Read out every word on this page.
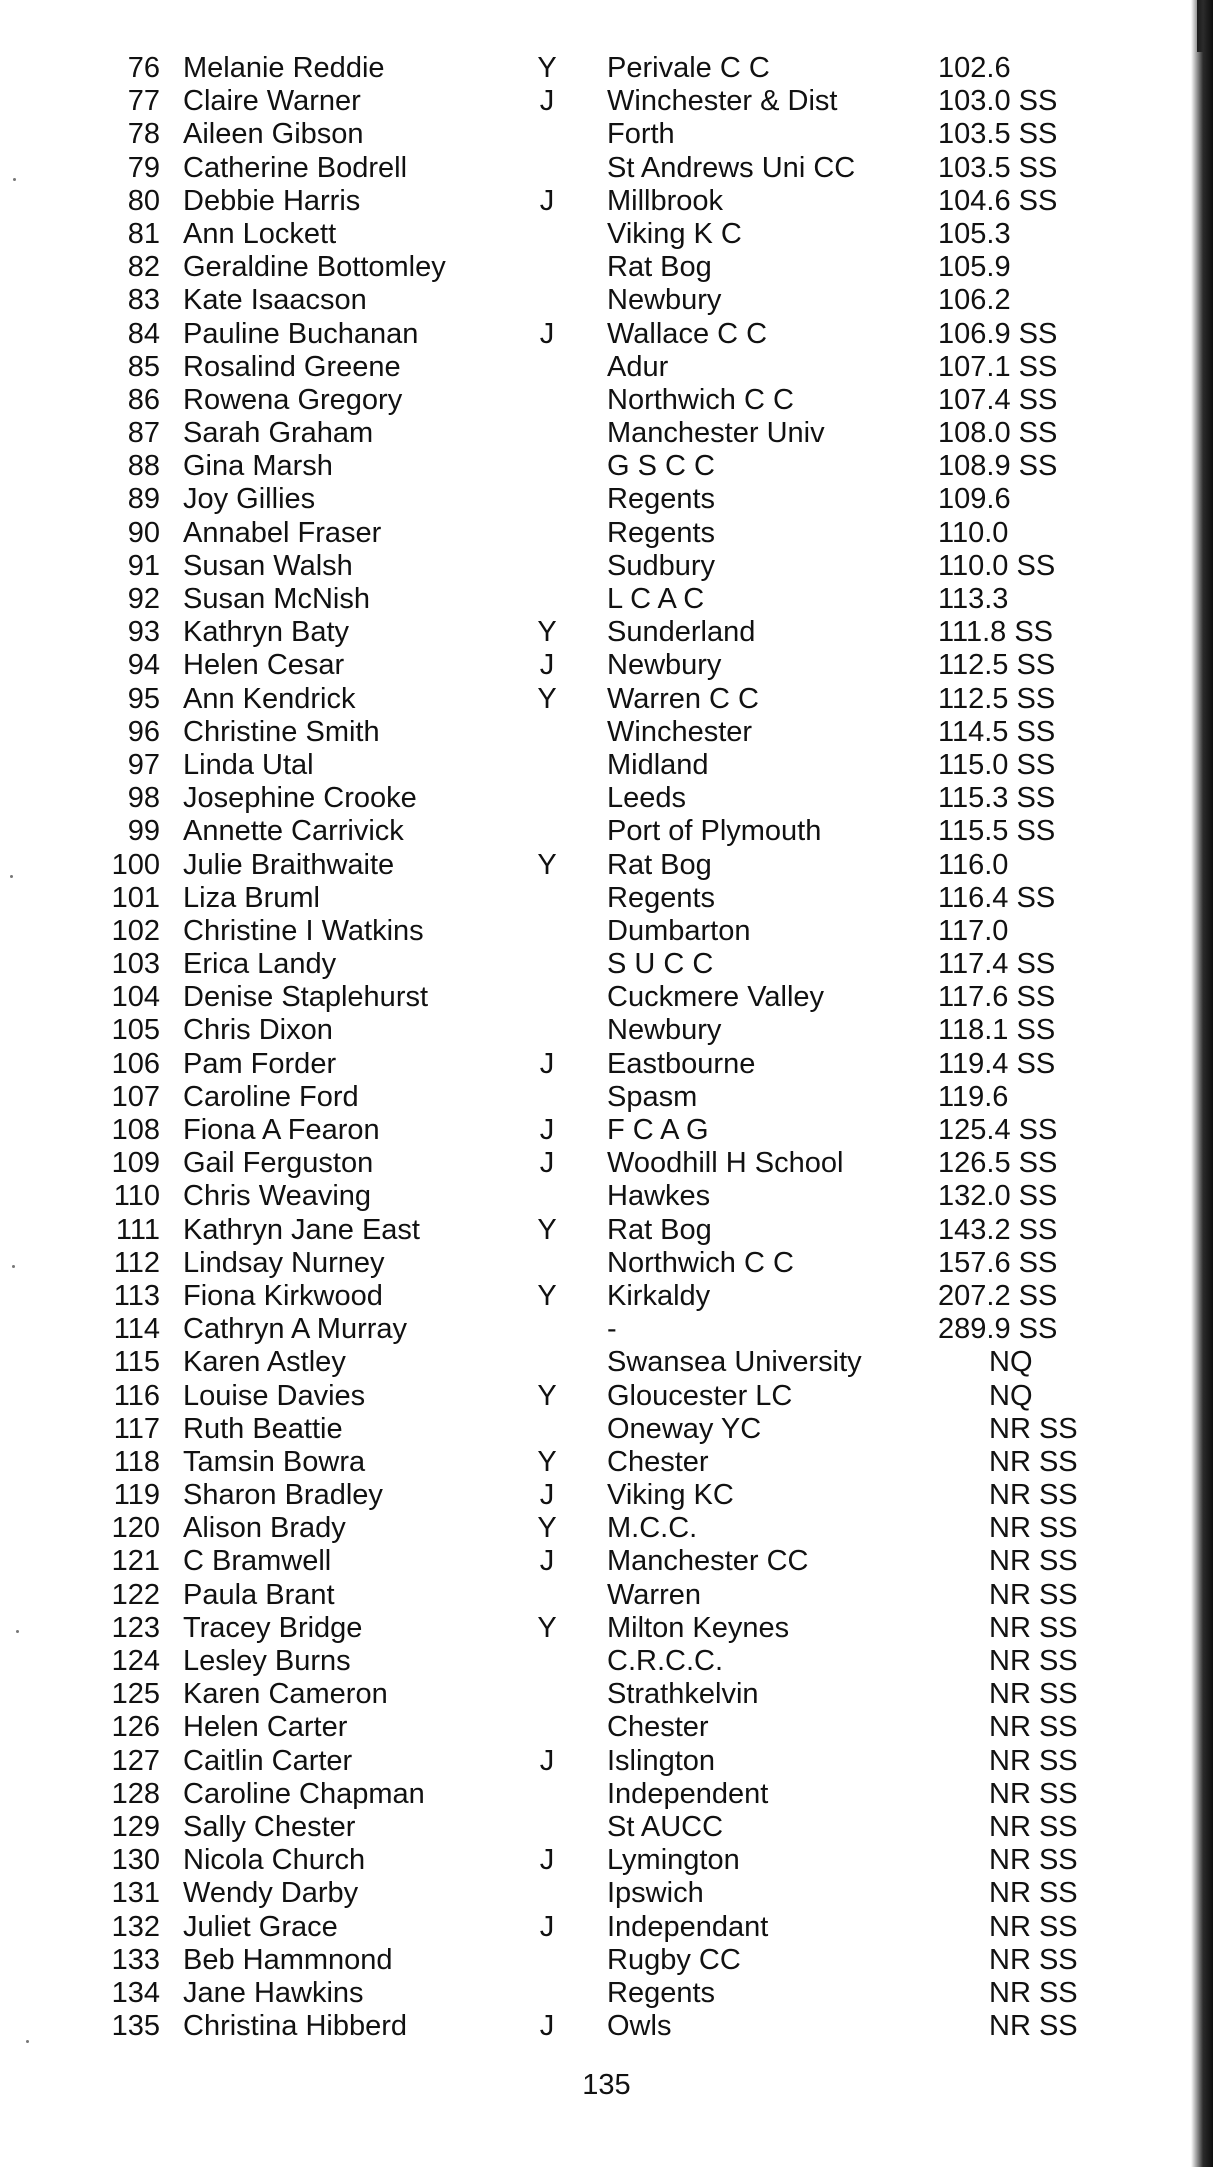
76 Melanie Reddie	Y Perivale C C	102.6
77 Claire Warner	J Winchester & Dist	103.0 SS
78 Aileen Gibson	Forth	103.5 SS
79 Catherine Bodrell	St Andrews Uni CC	103.5 SS
80 Debbie Harris	J Millbrook	104.6 SS
81 Ann Lockett	Viking K C	105.3
82 Geraldine Bottomley	Rat Bog	105.9
83 Kate Isaacson	Newbury	106.2
84 Pauline Buchanan	J Wallace C C	106.9 SS
85 Rosalind Greene	Adur	107.1 SS
86 Rowena Gregory	Northwich C C	107.4 SS
87 Sarah Graham	Manchester Univ	108.0 SS
88 Gina Marsh	G S C C	108.9 SS
89 Joy Gillies	Regents	109.6
90 Annabel Fraser	Regents	110.0
91 Susan Walsh	Sudbury	110.0 SS
92 Susan McNish	L C A C	113.3
93 Kathryn Baty	Y Sunderland	111.8 SS
94 Helen Cesar	J Newbury	112.5 SS
95 Ann Kendrick	Y Warren C C	112.5 SS
96 Christine Smith	Winchester	114.5 SS
97 Linda Utal	Midland	115.0 SS
98 Josephine Crooke	Leeds	115.3 SS
99 Annette Carrivick	Port of Plymouth	115.5 SS
100 Julie Braithwaite	Y Rat Bog	116.0
101 Liza Bruml	Regents	116.4 SS
102 Christine I Watkins	Dumbarton	117.0
103 Erica Landy	S U C C	117.4 SS
104 Denise Staplehurst	Cuckmere Valley	117.6 SS
105 Chris Dixon	Newbury	118.1 SS
106 Pam Forder	J Eastbourne	119.4 SS
107 Caroline Ford	Spasm	119.6
108 Fiona A Fearon	J F C A G	125.4 SS
109 Gail Ferguston	J Woodhill H School	126.5 SS
110 Chris Weaving	Hawkes	132.0 SS
111 Kathryn Jane East	Y Rat Bog	143.2 SS
112 Lindsay Nurney	Northwich C C	157.6 SS
113 Fiona Kirkwood	Y Kirkaldy	207.2 SS
114 Cathryn A Murray	-	289.9 SS
115 Karen Astley	Swansea University	NQ
116 Louise Davies	Y Gloucester LC	NQ
117 Ruth Beattie	Oneway YC	NR SS
118 Tamsin Bowra	Y Chester	NR SS
119 Sharon Bradley	J Viking KC	NR SS
120 Alison Brady	Y M.C.C.	NR SS
121 C Bramwell	J Manchester CC	NR SS
122 Paula Brant	Warren	NR SS
123 Tracey Bridge	Y Milton Keynes	NR SS
124 Lesley Burns	C.R.C.C.	NR SS
125 Karen Cameron	Strathkelvin	NR SS
126 Helen Carter	Chester	NR SS
127 Caitlin Carter	J Islington	NR SS
128 Caroline Chapman	Independent	NR SS
129 Sally Chester	St AUCC	NR SS
130 Nicola Church	J Lymington	NR SS
131 Wendy Darby	Ipswich	NR SS
132 Juliet Grace	J Independant	NR SS
133 Beb Hammnond	Rugby CC	NR SS
134 Jane Hawkins	Regents	NR SS
135 Christina Hibberd	J Owls	NR SS
135
